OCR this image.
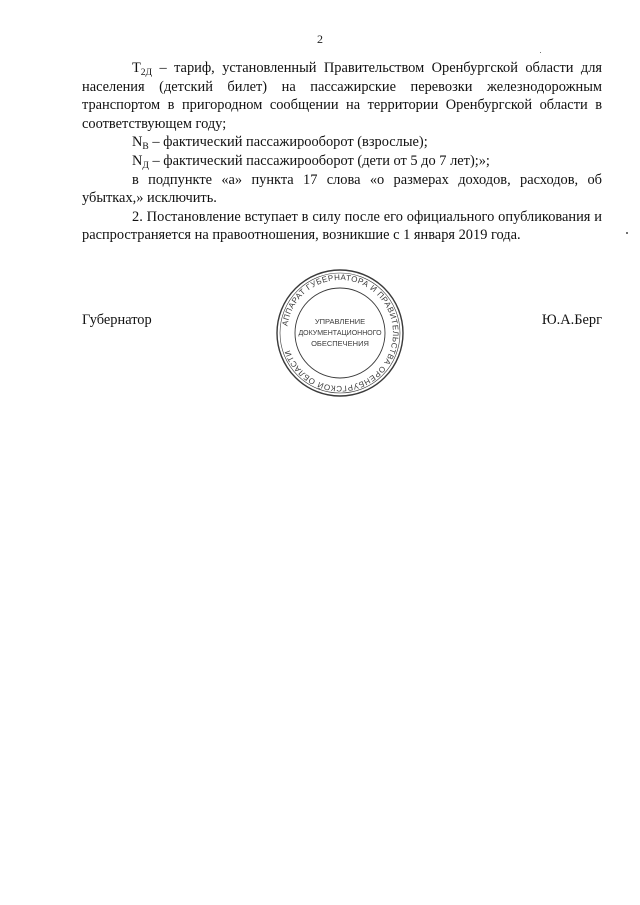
2

$T_{2Д}$ – тариф, установленный Правительством Оренбургской области для населения (детский билет) на пассажирские перевозки железнодорожным транспортом в пригородном сообщении на территории Оренбургской области в соответствующем году;

$N_В$ – фактический пассажирооборот (взрослые);

$N_Д$ – фактический пассажирооборот (дети от 5 до 7 лет);»;

в подпункте «а» пункта 17 слова «о размерах доходов, расходов, об убытках,» исключить.

2. Постановление вступает в силу после его официального опубликования и распространяется на правоотношения, возникшие с 1 января 2019 года.

Губернатор	Ю.А.Берг
АППАРАТ ГУБЕРНАТОРА И ПРАВИТЕЛЬСТВА ОРЕНБУРГСКОЙ ОБЛАСТИ
УПРАВЛЕНИЕ
ДОКУМЕНТАЦИОННОГО
ОБЕСПЕЧЕНИЯ
